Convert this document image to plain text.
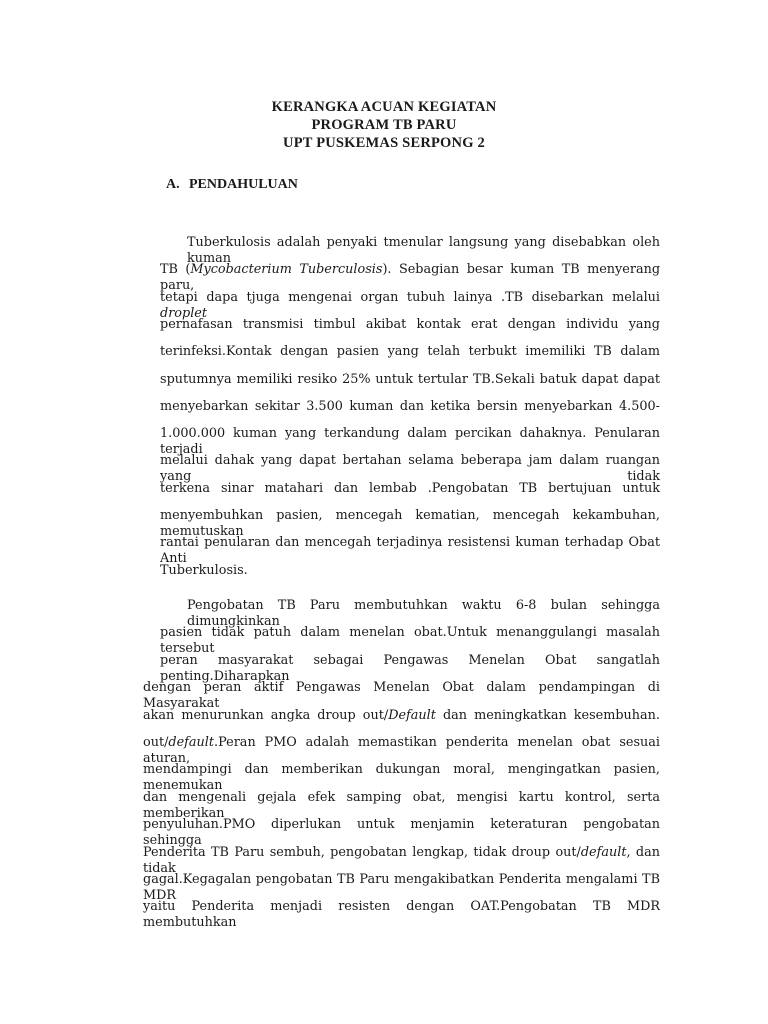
KERANGKA ACUAN KEGIATAN
PROGRAM TB PARU
UPT PUSKEMAS SERPONG 2
A. PENDAHULUAN

Tuberkulosis adalah penyaki tmenular langsung yang disebabkan oleh kuman

TB (Mycobacterium Tuberculosis). Sebagian besar kuman TB menyerang paru,

tetapi dapa tjuga mengenai organ tubuh lainya .TB disebarkan melalui droplet

pernafasan transmisi timbul akibat kontak erat dengan individu yang

terinfeksi.Kontak dengan pasien yang telah terbukt imemiliki TB dalam

sputumnya memiliki resiko 25% untuk tertular TB.Sekali batuk dapat dapat

menyebarkan sekitar 3.500 kuman dan ketika bersin menyebarkan 4.500-

1.000.000 kuman yang terkandung dalam percikan dahaknya. Penularan terjadi

melalui dahak yang dapat bertahan selama beberapa jam dalam ruangan yang tidak

terkena sinar matahari dan lembab .Pengobatan TB bertujuan untuk

menyembuhkan pasien, mencegah kematian, mencegah kekambuhan, memutuskan

rantai penularan dan mencegah terjadinya resistensi kuman terhadap Obat Anti

Tuberkulosis.

Pengobatan TB Paru membutuhkan waktu 6-8 bulan sehingga dimungkinkan

pasien tidak patuh dalam menelan obat.Untuk menanggulangi masalah tersebut

peran masyarakat sebagai Pengawas Menelan Obat sangatlah penting.Diharapkan

dengan peran aktif Pengawas Menelan Obat dalam pendampingan di Masyarakat

akan menurunkan angka droup out/Default dan meningkatkan kesembuhan.

out/default.Peran PMO adalah memastikan penderita menelan obat sesuai aturan,

mendampingi dan memberikan dukungan moral, mengingatkan pasien, menemukan

dan mengenali gejala efek samping obat, mengisi kartu kontrol, serta memberikan

penyuluhan.PMO diperlukan untuk menjamin keteraturan pengobatan sehingga

Penderita TB Paru sembuh, pengobatan lengkap, tidak droup out/default, dan tidak

gagal.Kegagalan pengobatan TB Paru mengakibatkan Penderita mengalami TB MDR

yaitu Penderita menjadi resisten dengan OAT.Pengobatan TB MDR membutuhkan
